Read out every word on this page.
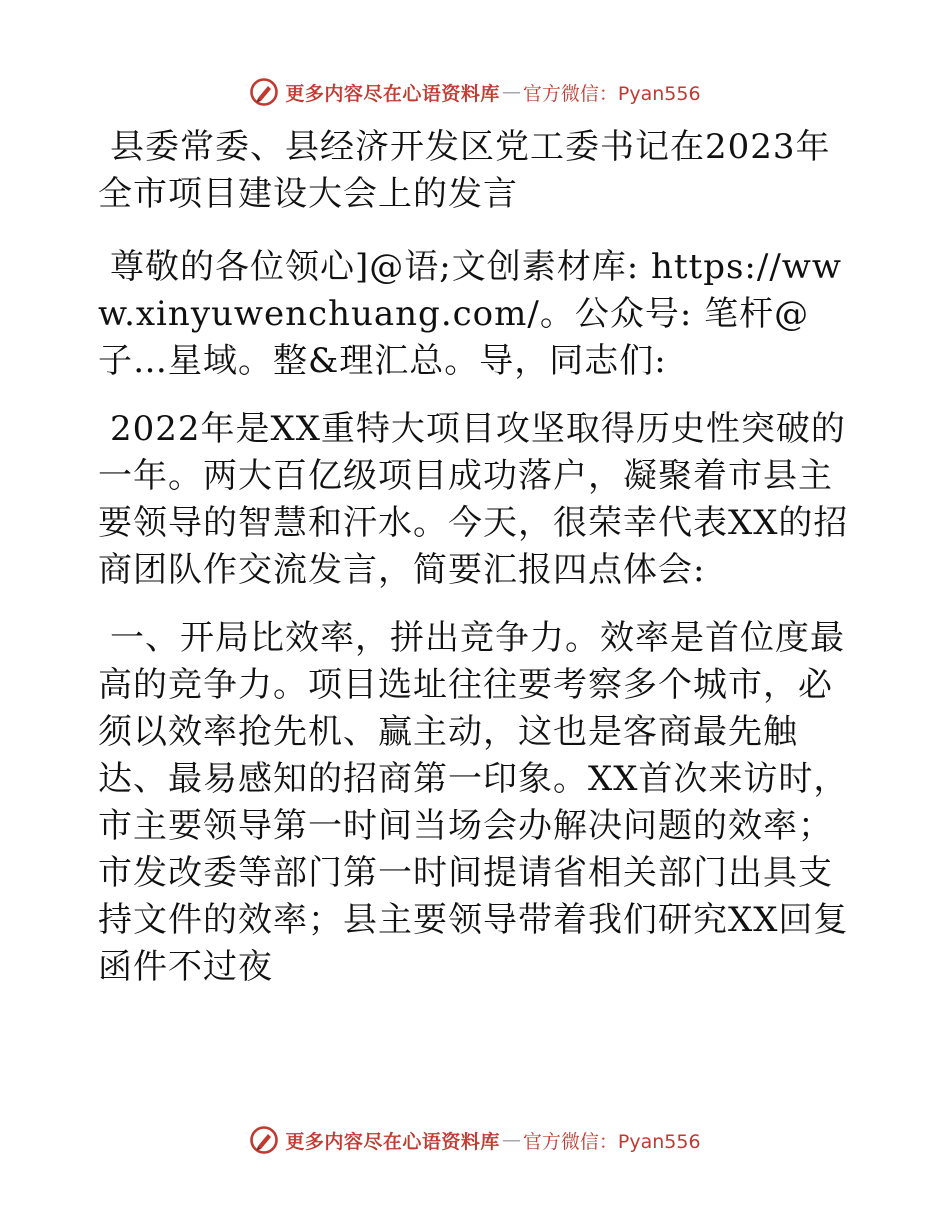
更多内容尽在心语资料库 — 官方微信：Pyan556

县委常委、县经济开发区党工委书记在2023年全市项目建设大会上的发言

尊敬的各位领心]@语;文创素材库: https://www.xinyuwenchuang.com/。公众号: 笔杆@子…星域。整&理汇总。导，同志们:

2022年是XX重特大项目攻坚取得历史性突破的一年。两大百亿级项目成功落户，凝聚着市县主要领导的智慧和汗水。今天，很荣幸代表XX的招商团队作交流发言，简要汇报四点体会:

一、开局比效率，拼出竞争力。效率是首位度最高的竞争力。项目选址往往要考察多个城市，必须以效率抢先机、赢主动，这也是客商最先触达、最易感知的招商第一印象。XX首次来访时，市主要领导第一时间当场会办解决问题的效率；市发改委等部门第一时间提请省相关部门出具支持文件的效率；县主要领导带着我们研究XX回复函件不过夜

更多内容尽在心语资料库 — 官方微信：Pyan556
